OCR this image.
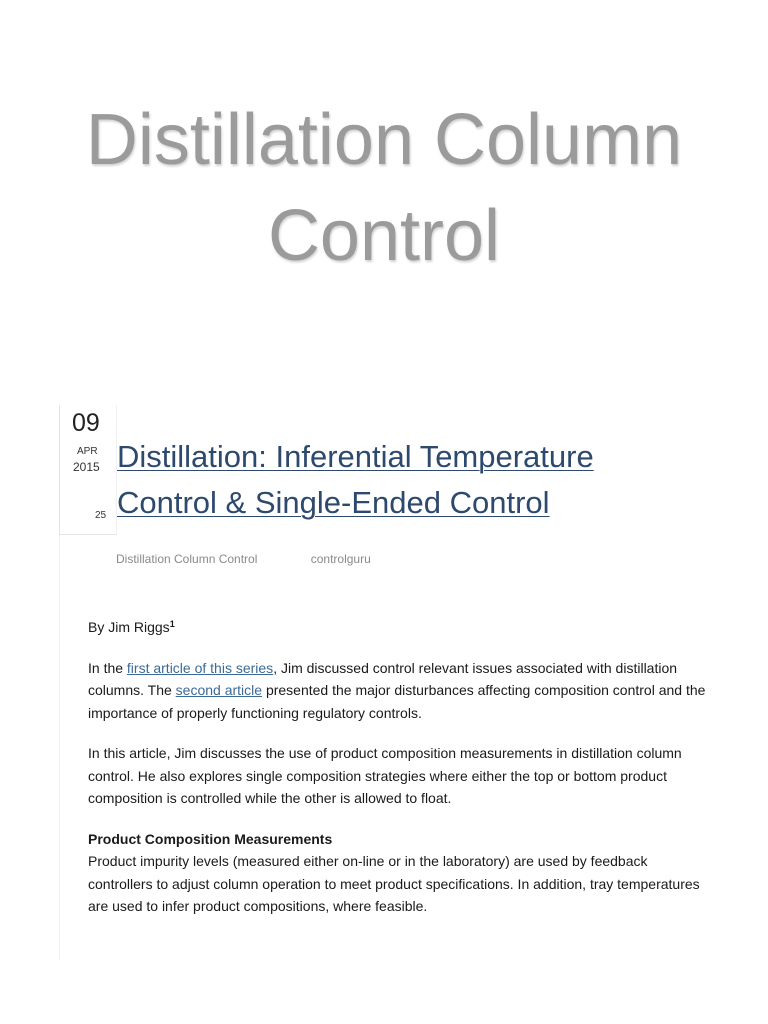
Distillation Column
Control
09
APR
2015
25
Distillation: Inferential Temperature
Control & Single-Ended Control
Distillation Column Control	controlguru

By Jim Riggs$^1$

In the first article of this series, Jim discussed control relevant issues associated with distillation columns. The second article presented the major disturbances affecting composition control and the importance of properly functioning regulatory controls.

In this article, Jim discusses the use of product composition measurements in distillation column control. He also explores single composition strategies where either the top or bottom product composition is controlled while the other is allowed to float.

Product Composition Measurements
Product impurity levels (measured either on-line or in the laboratory) are used by feedback controllers to adjust column operation to meet product specifications. In addition, tray temperatures are used to infer product compositions, where feasible.
